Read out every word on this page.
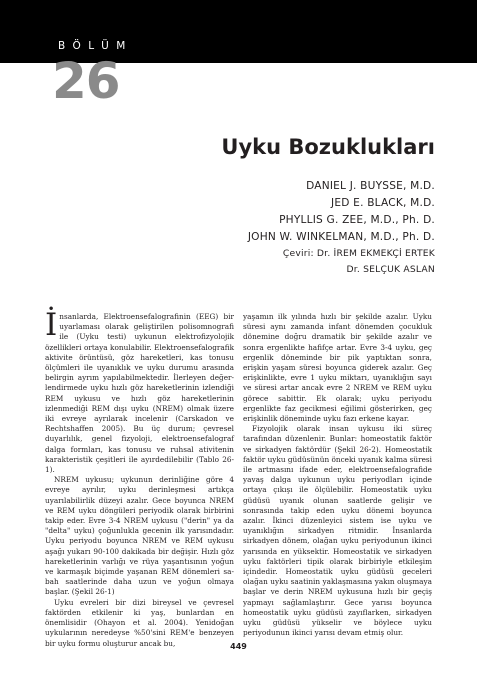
BÖLÜM
26
Uyku Bozuklukları
DANIEL J. BUYSSE, M.D.
JED E. BLACK, M.D.
PHYLLIS G. ZEE, M.D., Ph. D.
JOHN W. WINKELMAN, M.D., Ph. D.
Çeviri: Dr. İREM EKMEKÇİ ERTEK
Dr. SELÇUK ASLAN

İnsanlarda, Elektroensefalografinin (EEG) bir uyarlaması olarak geliştirilen polisomnografi ile (Uyku testi) uykunun elektrofizyolojik özellikleri ortaya konulabilir. Elektroensefalografik aktivite örüntüsü, göz hareketleri, kas tonusu ölçümleri ile uyanıklık ve uyku durumu arasında belirgin ayrım yapılabilmektedir. İlerleyen değerlendirmede uyku hızlı göz hareketlerinin izlendiği REM uykusu ve hızlı göz hareketlerinin izlenmediği REM dışı uyku (NREM) olmak üzere iki evreye ayrılarak incelenir (Carskadon ve Rechtshaffen 2005). Bu üç durum; çevresel duyarlılık, genel fizyoloji, elektroensefalograf dalga formları, kas tonusu ve ruhsal ativitenin karakteristik çeşitleri ile ayırdedilebilir (Tablo 26-1).

NREM uykusu; uykunun derinliğine göre 4 evreye ayrılır, uyku derinleşmesi artıkça uyarılabilirlik düzeyi azalır. Gece boyunca NREM ve REM uyku döngüleri periyodik olarak birbirini takip eder. Evre 3-4 NREM uykusu ("derin" ya da "delta" uyku) çoğunlukla gecenin ilk yarısındadır. Uyku periyodu boyunca NREM ve REM uykusu aşağı yukarı 90-100 dakikada bir değişir. Hızlı göz hareketlerinin varlığı ve rüya yaşantısının yoğun ve karmaşık biçimde yaşanan REM dönemleri sabah saatlerinde daha uzun ve yoğun olmaya başlar. (Şekil 26-1)

Uyku evreleri bir dizi bireysel ve çevresel faktörden etkilenir ki yaş, bunlardan en önemlisidir (Ohayon et al. 2004). Yenidoğan uykularının neredeyse %50'sini REM'e benzeyen bir uyku formu oluşturur ancak bu,

yaşamın ilk yılında hızlı bir şekilde azalır. Uyku süresi aynı zamanda infant dönemden çocukluk dönemine doğru dramatik bir şekilde azalır ve sonra ergenlikte hafifçe artar. Evre 3-4 uyku, geç ergenlik döneminde bir pik yaptıktan sonra, erişkin yaşam süresi boyunca giderek azalır. Geç erişkinlikte, evre 1 uyku miktarı, uyanıklığın sayı ve süresi artar ancak evre 2 NREM ve REM uyku görece sabittir. Ek olarak; uyku periyodu ergenlikte faz gecikmesi eğilimi gösterirken, geç erişkinlik döneminde uyku fazı erkene kayar.

Fizyolojik olarak insan uykusu iki süreç tarafından düzenlenir. Bunlar: homeostatik faktör ve sirkadyen faktördür (Şekil 26-2). Homeostatik faktör uyku güdüsünün önceki uyanık kalma süresi ile artmasını ifade eder, elektroensefalografide yavaş dalga uykunun uyku periyodları içinde ortaya çıkışı ile ölçülebilir. Homeostatik uyku güdüsü uyanık olunan saatlerde gelişir ve sonrasında takip eden uyku dönemi boyunca azalır. İkinci düzenleyici sistem ise uyku ve uyanıklığın sirkadyen ritmidir. İnsanlarda sirkadyen dönem, olağan uyku periyodunun ikinci yarısında en yüksektir. Homeostatik ve sirkadyen uyku faktörleri tipik olarak birbiriyle etkileşim içindedir. Homeostatik uyku güdüsü geceleri olağan uyku saatinin yaklaşmasına yakın oluşmaya başlar ve derin NREM uykusuna hızlı bir geçiş yapmayı sağlamlaştırır. Gece yarısı boyunca homeostatik uyku güdüsü zayıflarken, sirkadyen uyku güdüsü yükselir ve böylece uyku periyodunun ikinci yarısı devam etmiş olur.

449
